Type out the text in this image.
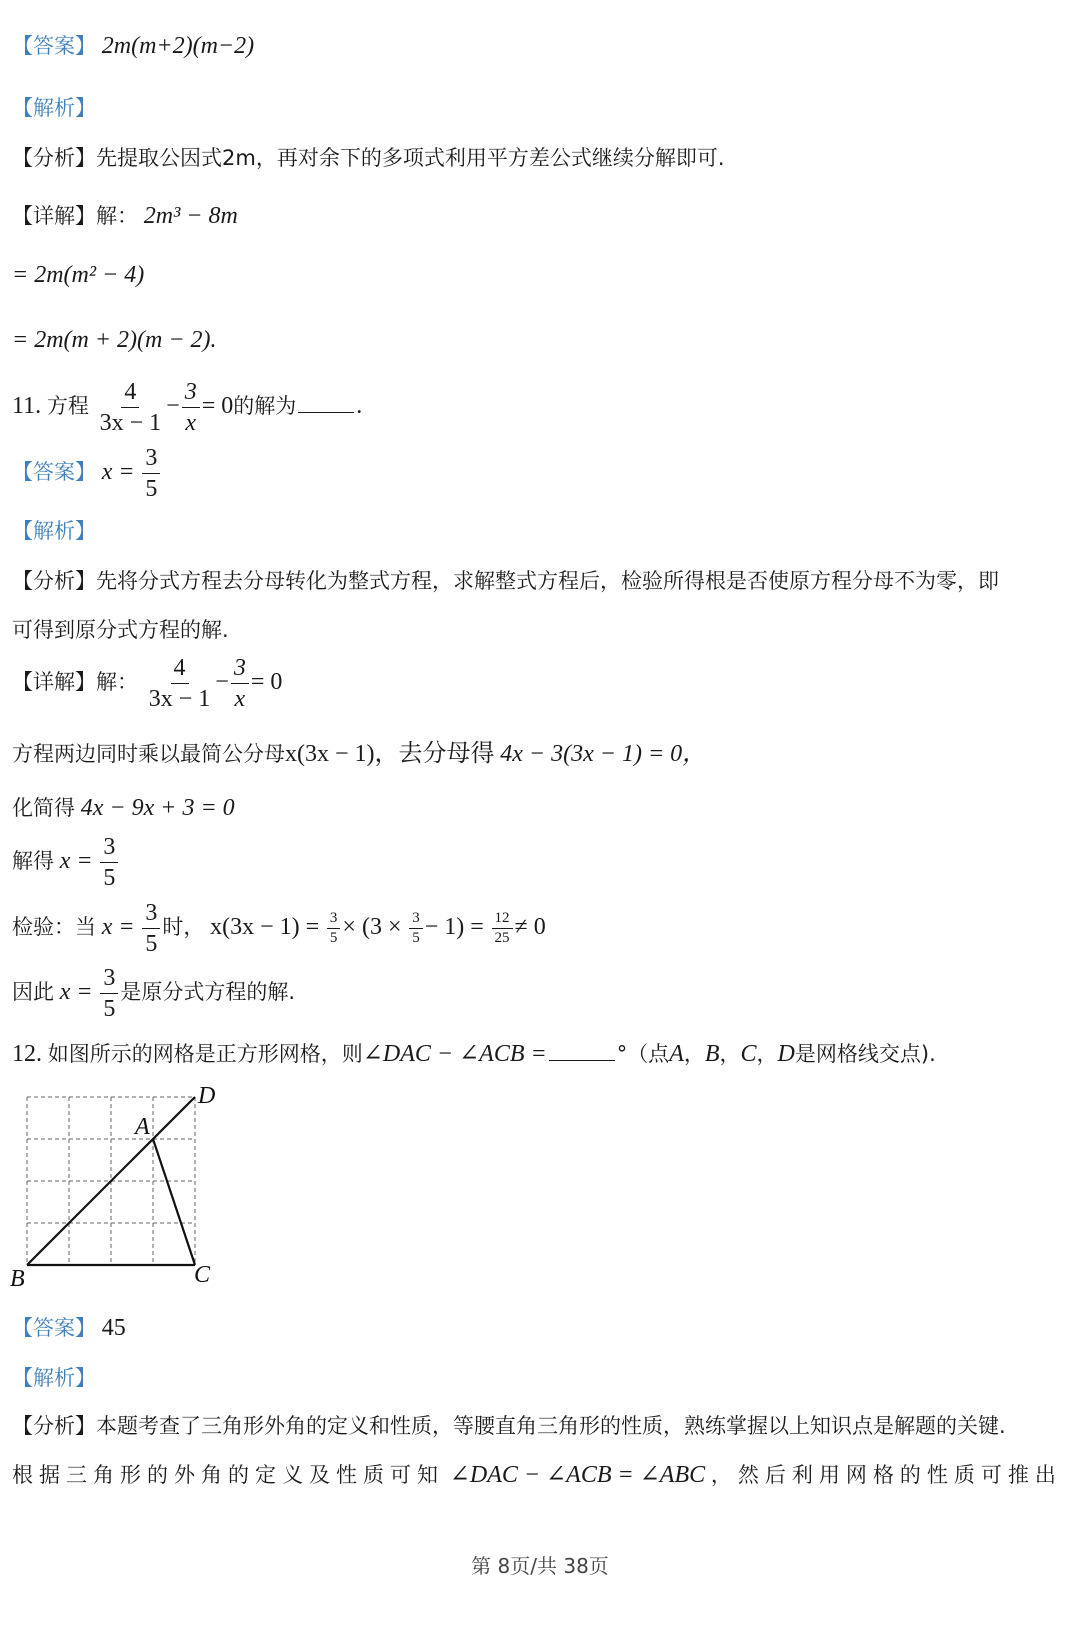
【答案】 2m(m+2)(m−2)
【解析】
【分析】先提取公因式2m，再对余下的多项式利用平方差公式继续分解即可.
【详解】解： 2m³ − 8m
= 2m(m² − 4)
= 2m(m + 2)(m − 2).
11. 方程 $\frac{4}{3x - 1} - \frac{3}{x} = 0$的解为	.
【答案】 $x = \frac{3}{5}$
【解析】
【分析】先将分式方程去分母转化为整式方程，求解整式方程后，检验所得根是否使原方程分母不为零，即
可得到原分式方程的解.
【详解】解： $\frac{4}{3x - 1} - \frac{3}{x} = 0$
方程两边同时乘以最简公分母x(3x − 1)，去分母得 4x − 3(3x − 1) = 0，
化简得 4x − 9x + 3 = 0
解得 $x = \frac{3}{5}$
检验：当 $x = \frac{3}{5}$ 时， $x(3x - 1) = \frac{3}{5} \times (3 \times \frac{3}{5} - 1) = \frac{12}{25} \ne 0$
因此 $x = \frac{3}{5}$ 是原分式方程的解.
12. 如图所示的网格是正方形网格，则∠DAC − ∠ACB =	°（点A，B，C，D是网格线交点).
D
A
B	C
【答案】 45
【解析】
【分析】本题考查了三角形外角的定义和性质，等腰直角三角形的性质，熟练掌握以上知识点是解题的关键.
根据三角形的外角的定义及性质可知 ∠DAC − ∠ACB = ∠ABC ，然后利用网格的性质可推出
第 8页/共 38页
